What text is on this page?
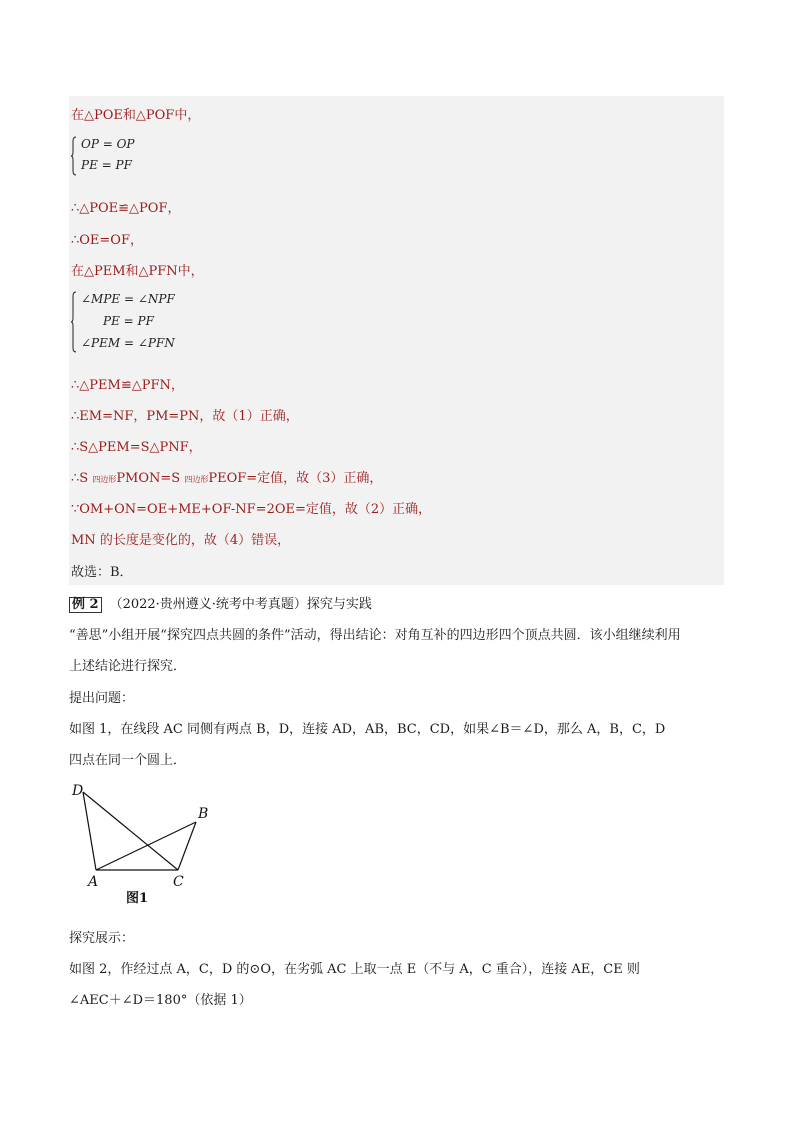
在△POE和△POF中，
OP = OP
PE = PF
∴△POE≌△POF，
∴OE=OF，
在△PEM和△PFN中，
∠MPE = ∠NPF
PE = PF
∠PEM = ∠PFN
∴△PEM≌△PFN，
∴EM=NF，PM=PN，故（1）正确，
∴S△PEM=S△PNF，
∴S 四边形PMON=S 四边形PEOF=定值，故（3）正确，
∵OM+ON=OE+ME+OF-NF=2OE=定值，故（2）正确，
MN 的长度是变化的，故（4）错误，
故选：B．
例 2 （2022·贵州遵义·统考中考真题）探究与实践
“善思”小组开展“探究四点共圆的条件”活动，得出结论：对角互补的四边形四个顶点共圆．该小组继续利用
上述结论进行探究．
提出问题：
如图 1，在线段 AC 同侧有两点 B，D，连接 AD，AB，BC，CD，如果∠B＝∠D，那么 A，B，C，D
四点在同一个圆上．
D
B
A	C
图1
探究展示：
如图 2，作经过点 A，C，D 的⊙O，在劣弧 AC 上取一点 E（不与 A，C 重合），连接 AE，CE 则
∠AEC＋∠D＝180°（依据 1）
